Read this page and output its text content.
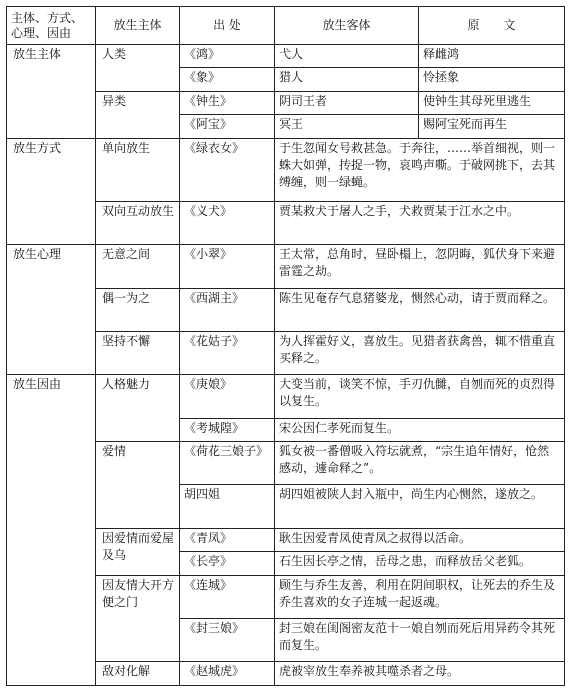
主体、方式、
心理、因由	放生主体	出 处	放生客体	原　　文
放生主体	人类	《鸿》	弋人	释雌鸿
		《象》	猎人	怜拯象
	异类	《钟生》	阴司王者	使钟生其母死里逃生
		《阿宝》	冥王	赐阿宝死而再生
放生方式	单向放生	《绿衣女》	于生忽闻女号救甚急。于奔往，……举首细视，则一蛛大如弹，抟捉一物，哀鸣声嘶。于破网挑下，去其缚缠，则一绿蝇。	
	双向互动放生	《义犬》	贾某救犬于屠人之手，犬救贾某于江水之中。	
放生心理	无意之间	《小翠》	王太常，总角时，昼卧榻上，忽阴晦，狐伏身下来避雷霆之劫。	
	偶一为之	《西湖主》	陈生见奄存气息猪婆龙，恻然心动，请于贾而释之。	
	坚持不懈	《花姑子》	为人挥霍好义，喜放生。见猎者获禽兽，辄不惜重直买释之。	
放生因由	人格魅力	《庚娘》	大变当前，谈笑不惊，手刃仇雠，自刎而死的贞烈得以复生。	
		《考城隍》	宋公因仁孝死而复生。	
	爱情	《荷花三娘子》	狐女被一番僧吸入符坛就煮，“宗生追年情好，怆然感动，遽命释之”。	
		胡四姐	胡四姐被陕人封入瓶中，尚生内心恻然，遂放之。	
	因爱情而爱屋及乌	《青凤》	耿生因爱青凤使青凤之叔得以活命。	
		《长亭》	石生因长亭之情，岳母之患，而释放岳父老狐。	
	因友情大开方便之门	《连城》	顾生与乔生友善，利用在阴间职权，让死去的乔生及乔生喜欢的女子连城一起返魂。	
		《封三娘》	封三娘在闺阁密友范十一娘自刎而死后用异药令其死而复生。	
	敌对化解	《赵城虎》	虎被宰放生奉养被其噬杀者之母。	
